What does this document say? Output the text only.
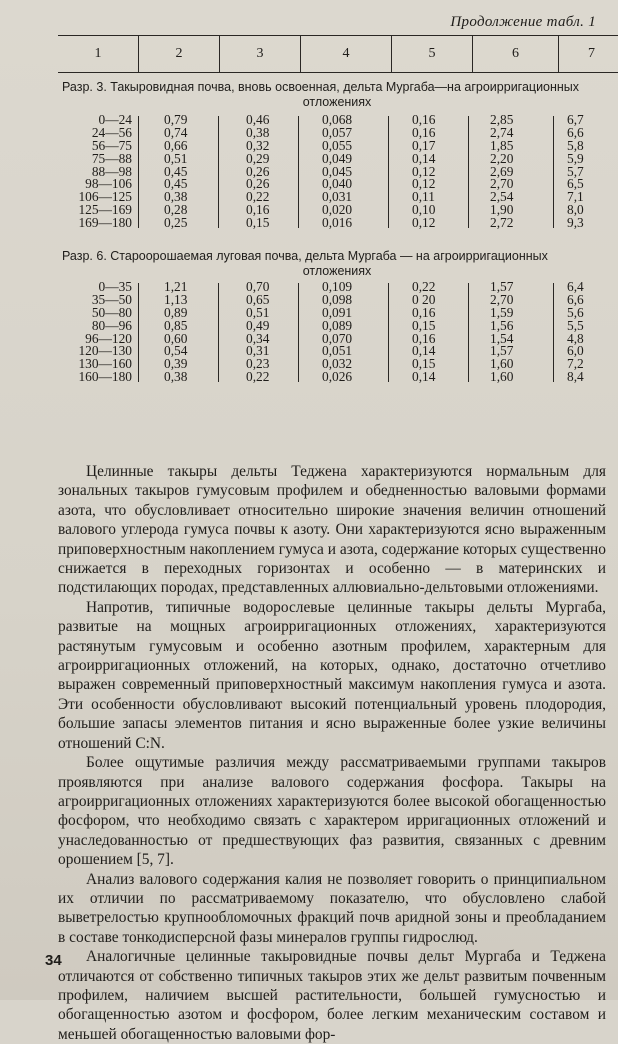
Продолжение табл. 1
1	2	3	4	5	6	7
Разр. 3. Такыровидная почва, вновь освоенная, дельта Мургаба—на агроирригационных
отложениях
0—24	0,79	0,46	0,068	0,16	2,85	6,7
24—56	0,74	0,38	0,057	0,16	2,74	6,6
56—75	0,66	0,32	0,055	0,17	1,85	5,8
75—88	0,51	0,29	0,049	0,14	2,20	5,9
88—98	0,45	0,26	0,045	0,12	2,69	5,7
98—106	0,45	0,26	0,040	0,12	2,70	6,5
106—125	0,38	0,22	0,031	0,11	2,54	7,1
125—169	0,28	0,16	0,020	0,10	1,90	8,0
169—180	0,25	0,15	0,016	0,12	2,72	9,3
Разр. 6. Староорошаемая луговая почва, дельта Мургаба — на агроирригационных
отложениях
0—35	1,21	0,70	0,109	0,22	1,57	6,4
35—50	1,13	0,65	0,098	0 20	2,70	6,6
50—80	0,89	0,51	0,091	0,16	1,59	5,6
80—96	0,85	0,49	0,089	0,15	1,56	5,5
96—120	0,60	0,34	0,070	0,16	1,54	4,8
120—130	0,54	0,31	0,051	0,14	1,57	6,0
130—160	0,39	0,23	0,032	0,15	1,60	7,2
160—180	0,38	0,22	0,026	0,14	1,60	8,4

Целинные такыры дельты Теджена характеризуются нормальным для зональных такыров гумусовым профилем и обедненностью валовыми формами азота, что обусловливает относительно широкие значения величин отношений валового углерода гумуса почвы к азоту. Они характеризуются ясно выраженным приповерхностным накоплением гумуса и азота, содержание которых существенно снижается в переходных горизонтах и особенно — в материнских и подстилающих породах, представленных аллювиально-дельтовыми отложениями.

Напротив, типичные водорослевые целинные такыры дельты Мургаба, развитые на мощных агроирригационных отложениях, характеризуются растянутым гумусовым и особенно азотным профилем, характерным для агроирригационных отложений, на которых, однако, достаточно отчетливо выражен современный приповерхностный максимум накопления гумуса и азота. Эти особенности обусловливают высокий потенциальный уровень плодородия, большие запасы элементов питания и ясно выраженные более узкие величины отношений C:N.

Более ощутимые различия между рассматриваемыми группами такыров проявляются при анализе валового содержания фосфора. Такыры на агроирригационных отложениях характеризуются более высокой обогащенностью фосфором, что необходимо связать с характером ирригационных отложений и унаследованностью от предшествующих фаз развития, связанных с древним орошением [5, 7].

Анализ валового содержания калия не позволяет говорить о принципиальном их отличии по рассматриваемому показателю, что обусловлено слабой выветрелостью крупнообломочных фракций почв аридной зоны и преобладанием в составе тонкодисперсной фазы минералов группы гидрослюд.

Аналогичные целинные такыровидные почвы дельт Мургаба и Теджена отличаются от собственно типичных такыров этих же дельт развитым почвенным профилем, наличием высшей растительности, большей гумусностью и обогащенностью азотом и фосфором, более легким механическим составом и меньшей обогащенностью валовыми фор-

34
